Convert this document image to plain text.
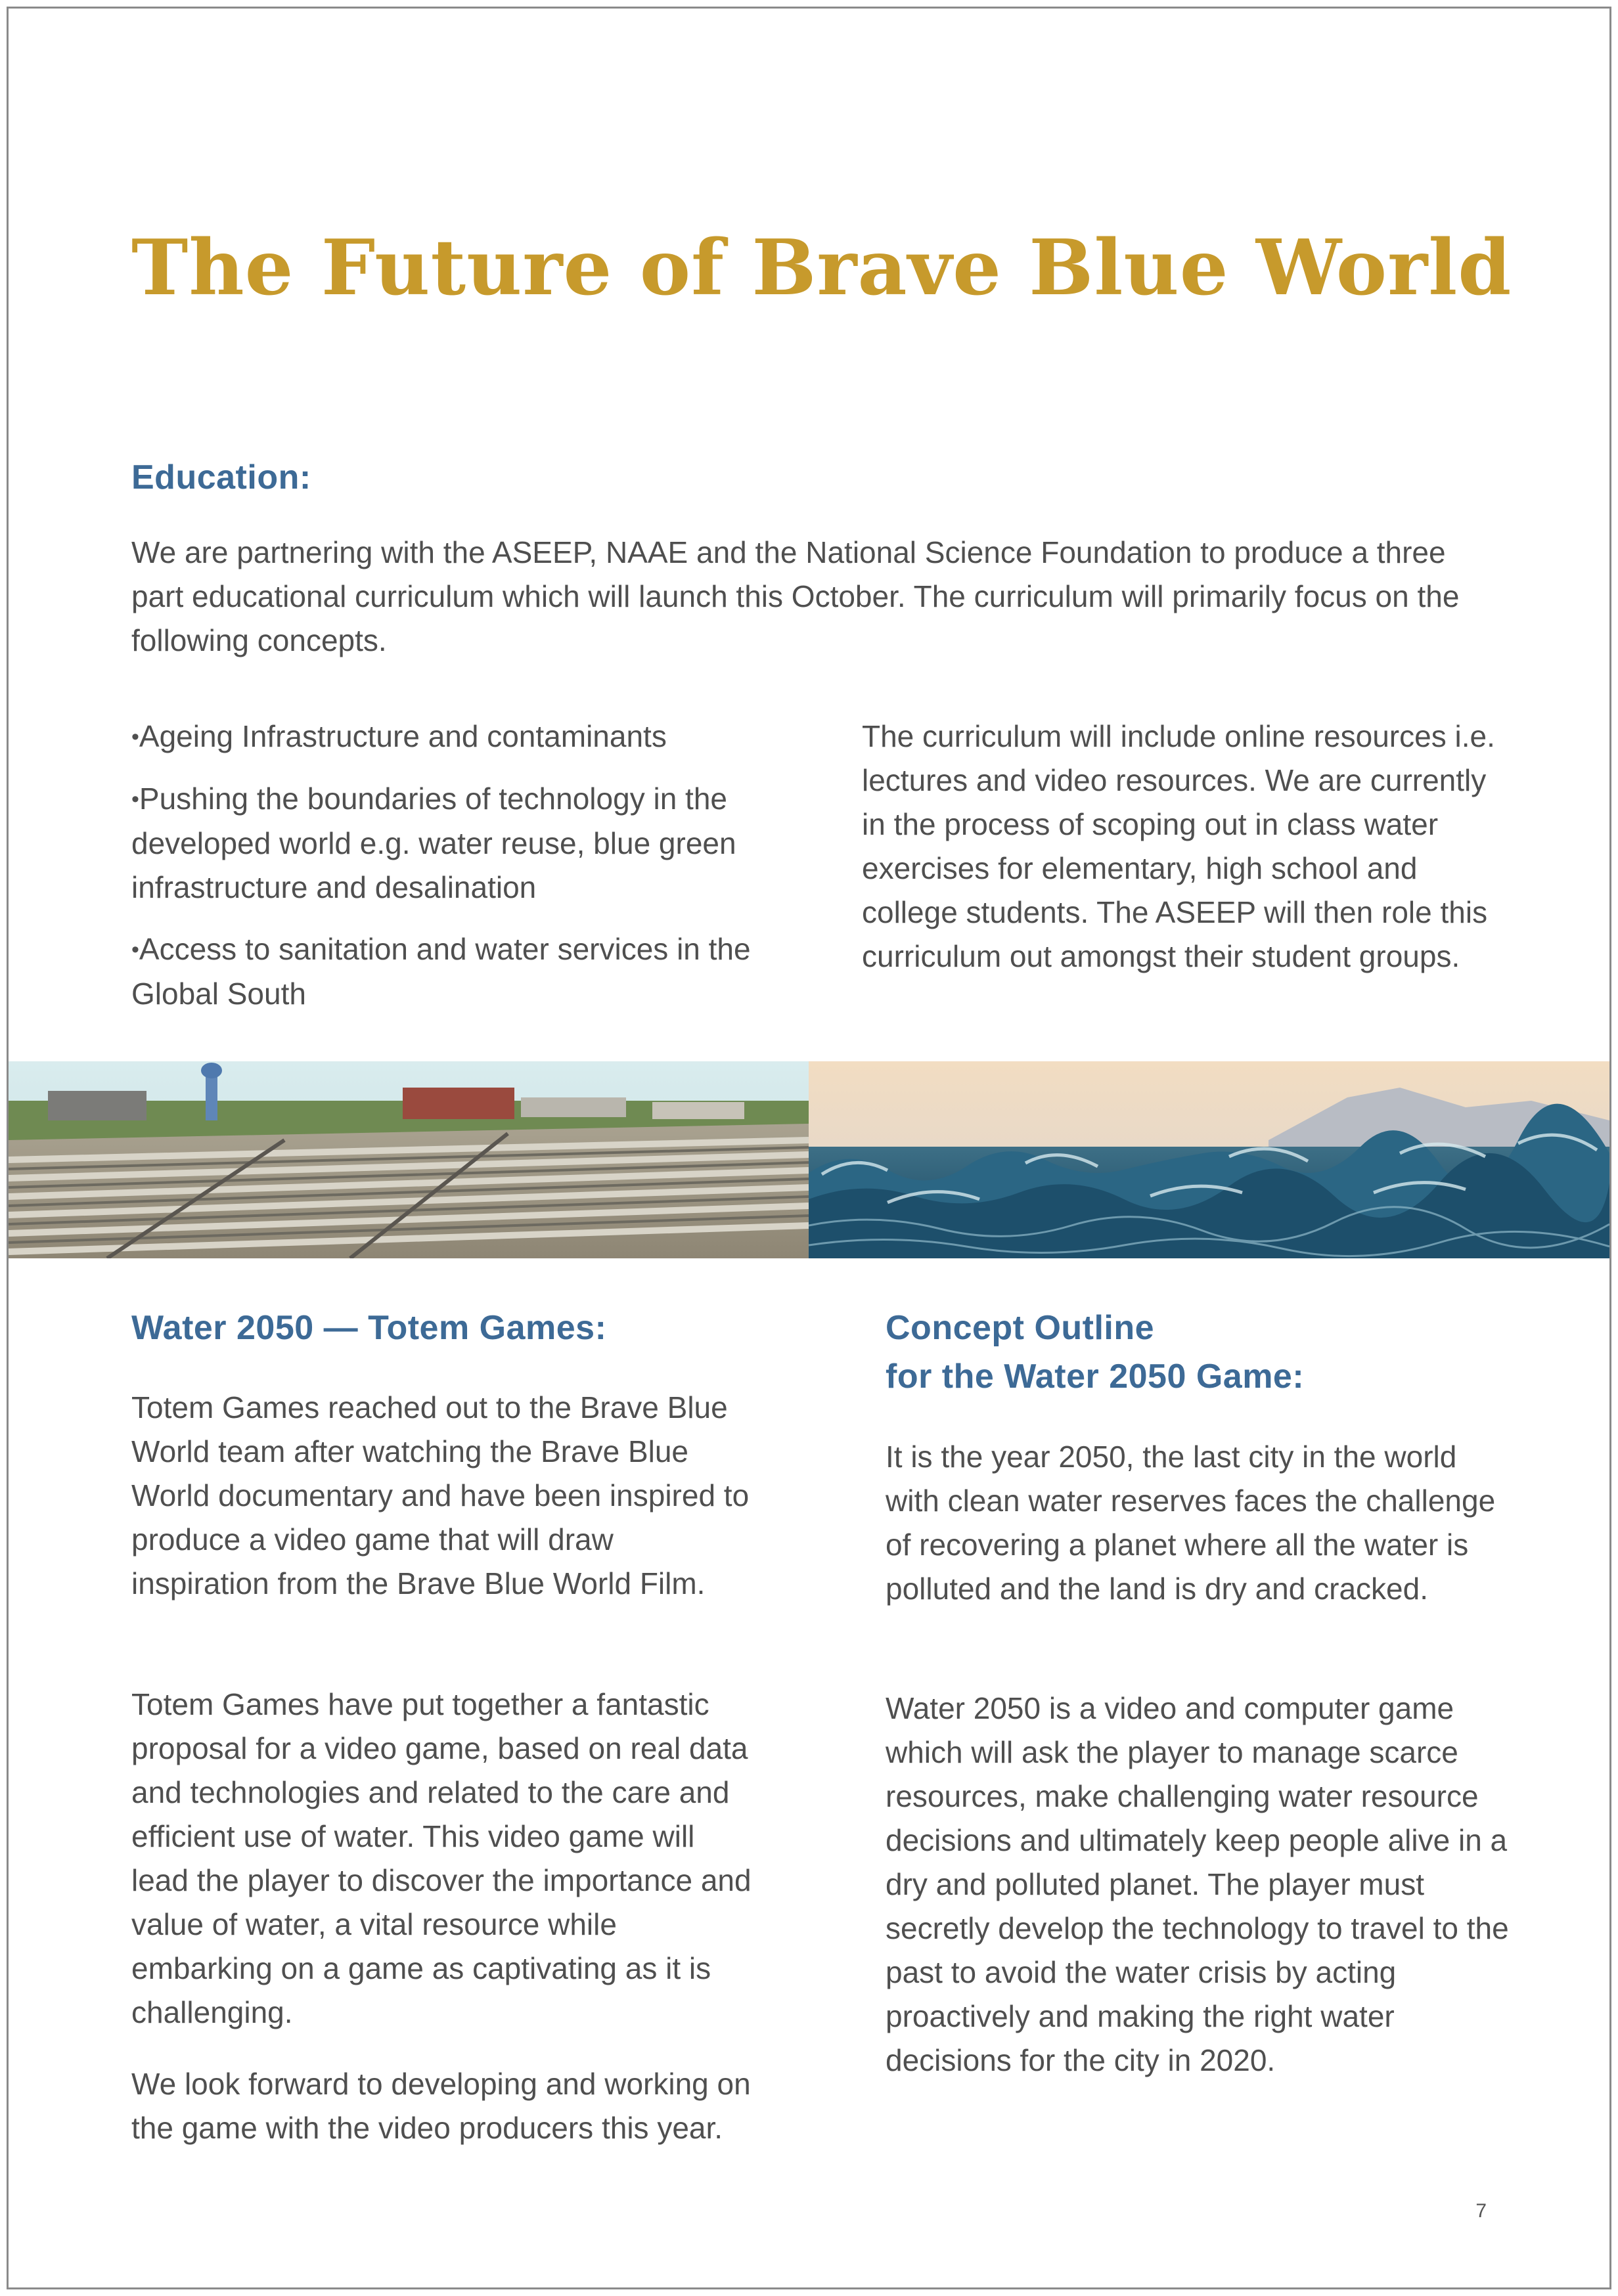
The Future of Brave Blue World
Education:

We are partnering with the ASEEP, NAAE and the National Science Foundation to produce a three part educational curriculum which will launch this October. The curriculum will primarily focus on the following concepts.

• Ageing Infrastructure and contaminants
• Pushing the boundaries of technology in the developed world e.g. water reuse, blue green infrastructure and desalination
• Access to sanitation and water services in the Global South

The curriculum will include online resources i.e. lectures and video resources. We are currently in the process of scoping out in class water exercises for elementary, high school and college students. The ASEEP will then role this curriculum out amongst their student groups.

Water 2050 — Totem Games:

Totem Games reached out to the Brave Blue World team after watching the Brave Blue World documentary and have been inspired to produce a video game that will draw inspiration from the Brave Blue World Film.

Totem Games have put together a fantastic proposal for a video game, based on real data and technologies and related to the care and efficient use of water. This video game will lead the player to discover the importance and value of water, a vital resource while embarking on a game as captivating as it is challenging.

We look forward to developing and working on the game with the video producers this year.

Concept Outline
for the Water 2050 Game:

It is the year 2050, the last city in the world with clean water reserves faces the challenge of recovering a planet where all the water is polluted and the land is dry and cracked.

Water 2050 is a video and computer game which will ask the player to manage scarce resources, make challenging water resource decisions and ultimately keep people alive in a dry and polluted planet. The player must secretly develop the technology to travel to the past to avoid the water crisis by acting proactively and making the right water decisions for the city in 2020.

7
